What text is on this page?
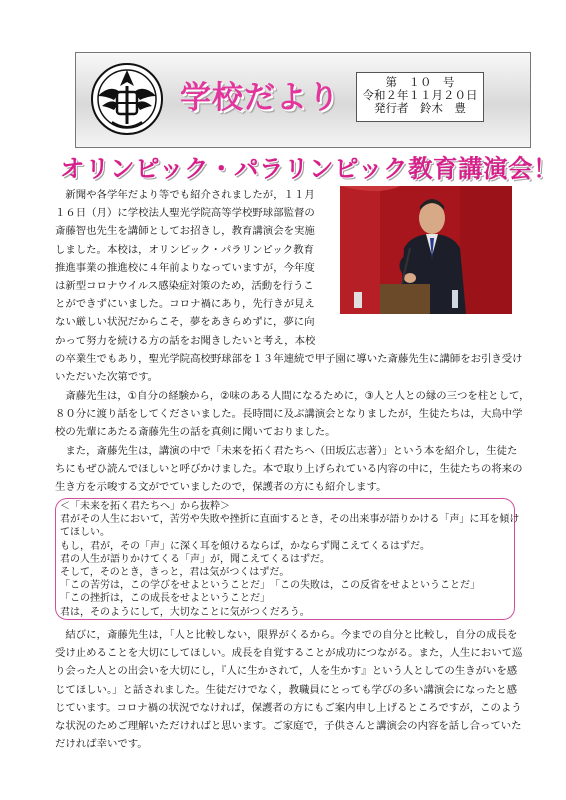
学校だより	第　１０　号
令和２年１１月２０日
発行者　鈴木　豊
オリンピック・パラリンピック教育講演会！
　新聞や各学年だより等でも紹介されましたが，１１月
１６日（月）に学校法人聖光学院高等学校野球部監督の
斎藤智也先生を講師としてお招きし，教育講演会を実施
しました。本校は，オリンピック・パラリンピック教育
推進事業の推進校に４年前よりなっていますが，今年度
は新型コロナウイルス感染症対策のため，活動を行うこ
とができずにいました。コロナ禍にあり，先行きが見え
ない厳しい状況だからこそ，夢をあきらめずに，夢に向
かって努力を続ける方の話をお聞きしたいと考え，本校
の卒業生でもあり，聖光学院高校野球部を１３年連続で甲子園に導いた斎藤先生に講師をお引き受け
いただいた次第です。
　斎藤先生は，①自分の経験から，②味のある人間になるために，③人と人との縁の三つを柱として，
８０分に渡り話をしてくださいました。長時間に及ぶ講演会となりましたが，生徒たちは，大鳥中学
校の先輩にあたる斎藤先生の話を真剣に聞いておりました。
　また，斎藤先生は，講演の中で「未来を拓く君たちへ（田坂広志著）」という本を紹介し，生徒た
ちにもぜひ読んでほしいと呼びかけました。本で取り上げられている内容の中に，生徒たちの将来の
生き方を示唆する文がでていましたので，保護者の方にも紹介します。
＜「未来を拓く君たちへ」から抜粋＞
君がその人生において，苦労や失敗や挫折に直面するとき，その出来事が語りかける「声」に耳を傾け
てほしい。
もし，君が，その「声」に深く耳を傾けるならば，かならず聞こえてくるはずだ。
君の人生が語りかけてくる「声」が，聞こえてくるはずだ。
そして，そのとき，きっと，君は気がつくはずだ。
「この苦労は，この学びをせよということだ」　「この失敗は，この反省をせよということだ」
「この挫折は，この成長をせよということだ」
君は，そのようにして，大切なことに気がつくだろう。
　結びに，斎藤先生は，「人と比較しない，限界がくるから。今までの自分と比較し，自分の成長を
受け止めることを大切にしてほしい。成長を自覚することが成功につながる。また，人生において巡
り会った人との出会いを大切にし，『人に生かされて，人を生かす』という人としての生きがいを感
じてほしい。」と話されました。生徒だけでなく，教職員にとっても学びの多い講演会になったと感
じています。コロナ禍の状況でなければ，保護者の方にもご案内申し上げるところですが，このよう
な状況のためご理解いただければと思います。ご家庭で，子供さんと講演会の内容を話し合っていた
だければ幸いです。
